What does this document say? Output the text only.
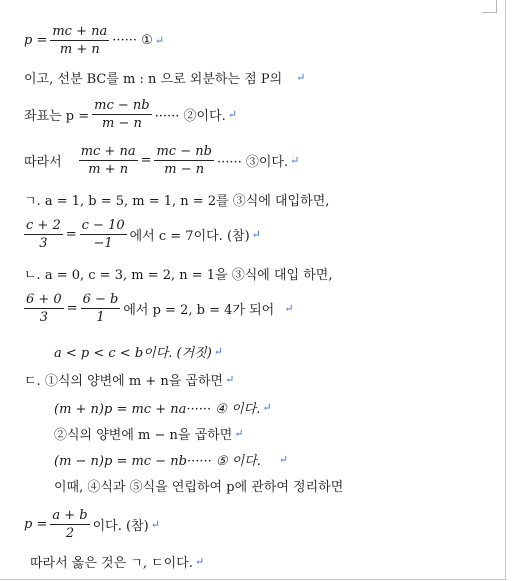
$p = \frac{mc + na}{m + n}$ ······ ① ↵
이고, 선분 BC를 m : n 으로 외분하는 점 P의 ↵
좌표는 $p = \frac{mc - nb}{m - n}$ ······ ②이다. ↵
따라서 $\frac{mc + na}{m + n} = \frac{mc - nb}{m - n}$ ······ ③이다. ↵
ㄱ. a = 1, b = 5, m = 1, n = 2를 ③식에 대입하면,
$\frac{c + 2}{3} = \frac{c - 10}{-1}$ 에서 c = 7이다. (참) ↵
ㄴ. a = 0, c = 3, m = 2, n = 1을 ③식에 대입 하면,
$\frac{6 + 0}{3} = \frac{6 - b}{1}$ 에서 p = 2, b = 4가 되어 ↵
a < p < c < b이다. (거짓) ↵
ㄷ. ①식의 양변에 m + n을 곱하면 ↵
(m + n)p = mc + na······ ④ 이다. ↵
②식의 양변에 m − n을 곱하면 ↵
(m − n)p = mc − nb······ ⑤ 이다. ↵
이때, ④식과 ⑤식을 연립하여 p에 관하여 정리하면
$p = \frac{a + b}{2}$ 이다. (참) ↵
따라서 옳은 것은 ㄱ, ㄷ이다. ↵
